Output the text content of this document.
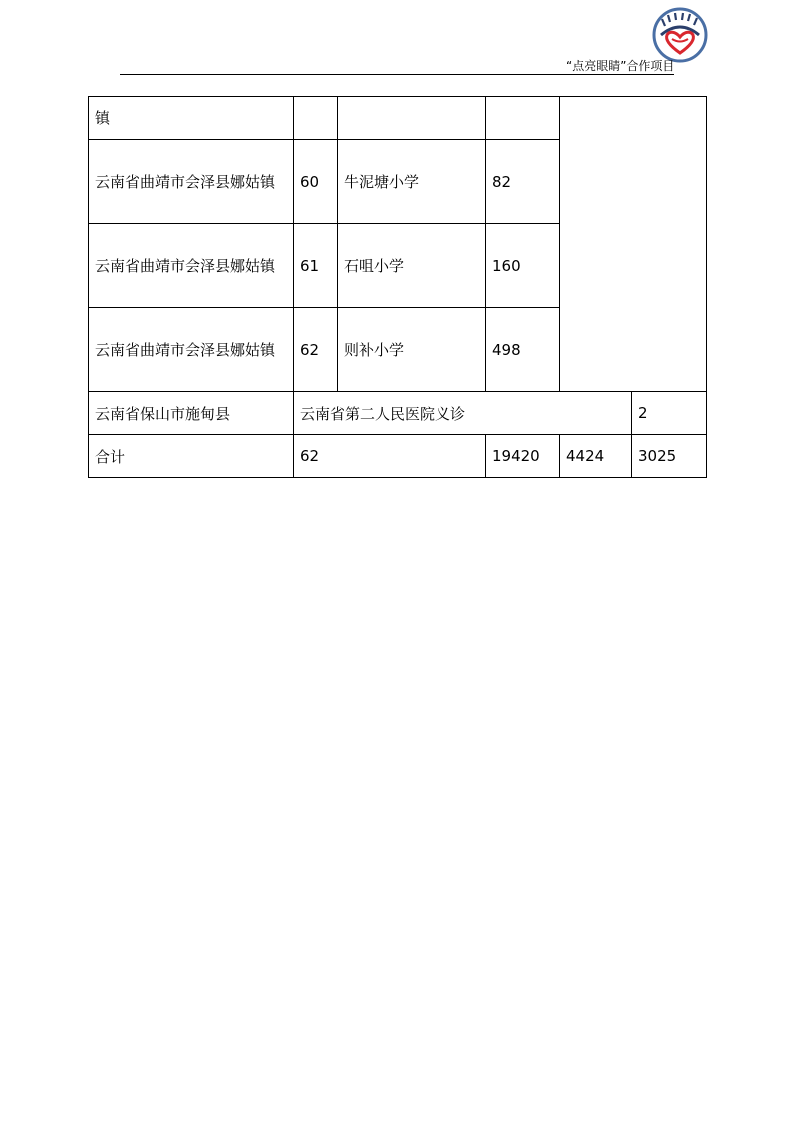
“点亮眼睛”合作项目
镇					
云南省曲靖市会泽县娜姑镇	60	牛泥塘小学	82		
云南省曲靖市会泽县娜姑镇	61	石咀小学	160		
云南省曲靖市会泽县娜姑镇	62	则补小学	498		
云南省保山市施甸县	云南省第二人民医院义诊				2
合计	62		19420	4424	3025
